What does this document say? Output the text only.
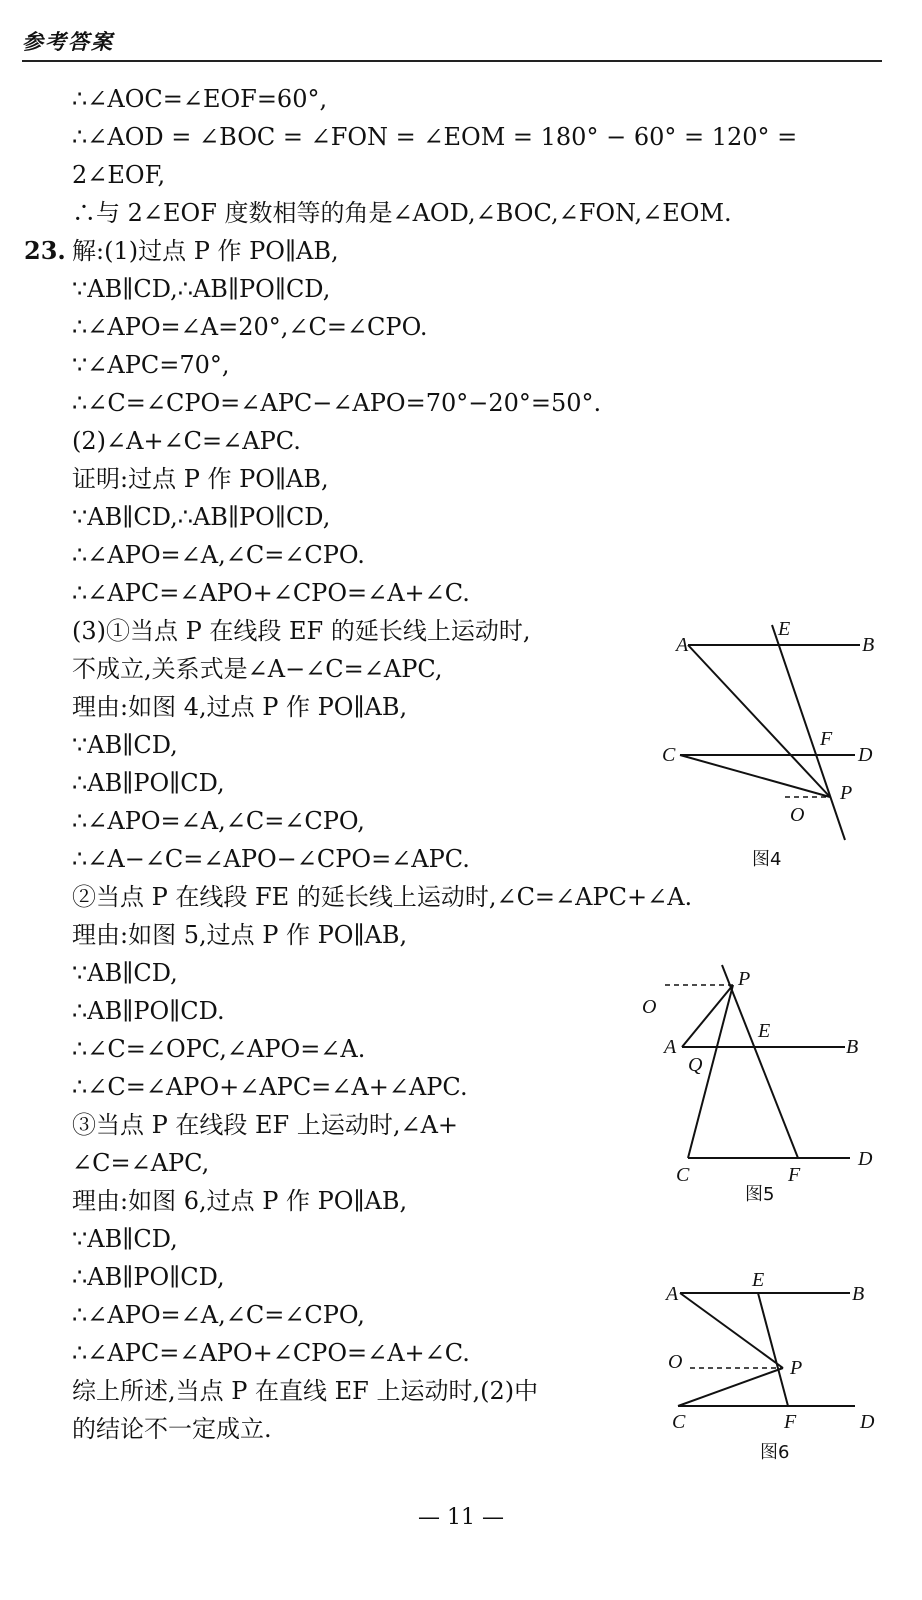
参考答案
∴∠AOC=∠EOF=60°,
∴∠AOD = ∠BOC = ∠FON = ∠EOM = 180° − 60° = 120° =
2∠EOF,
∴与 2∠EOF 度数相等的角是∠AOD,∠BOC,∠FON,∠EOM.
23. 解:(1)过点 P 作 PO∥AB,
∵AB∥CD,∴AB∥PO∥CD,
∴∠APO=∠A=20°,∠C=∠CPO.
∵∠APC=70°,
∴∠C=∠CPO=∠APC−∠APO=70°−20°=50°.
(2)∠A+∠C=∠APC.
证明:过点 P 作 PO∥AB,
∵AB∥CD,∴AB∥PO∥CD,
∴∠APO=∠A,∠C=∠CPO.
∴∠APC=∠APO+∠CPO=∠A+∠C.
(3)①当点 P 在线段 EF 的延长线上运动时,
不成立,关系式是∠A−∠C=∠APC,
理由:如图 4,过点 P 作 PO∥AB,
∵AB∥CD,
∴AB∥PO∥CD,
∴∠APO=∠A,∠C=∠CPO,
∴∠A−∠C=∠APO−∠CPO=∠APC.
②当点 P 在线段 FE 的延长线上运动时,∠C=∠APC+∠A.
理由:如图 5,过点 P 作 PO∥AB,
∵AB∥CD,
∴AB∥PO∥CD.
∴∠C=∠OPC,∠APO=∠A.
∴∠C=∠APO+∠APC=∠A+∠APC.
③当点 P 在线段 EF 上运动时,∠A+
∠C=∠APC,
理由:如图 6,过点 P 作 PO∥AB,
∵AB∥CD,
∴AB∥PO∥CD,
∴∠APO=∠A,∠C=∠CPO,
∴∠APC=∠APO+∠CPO=∠A+∠C.
综上所述,当点 P 在直线 EF 上运动时,(2)中
的结论不一定成立.
A
E
B
C
F
D
P
O
图4
P
O
A
E
B
Q
C	F
D
图5
A
E
B
O	P
C	F	D
图6
— 11 —
